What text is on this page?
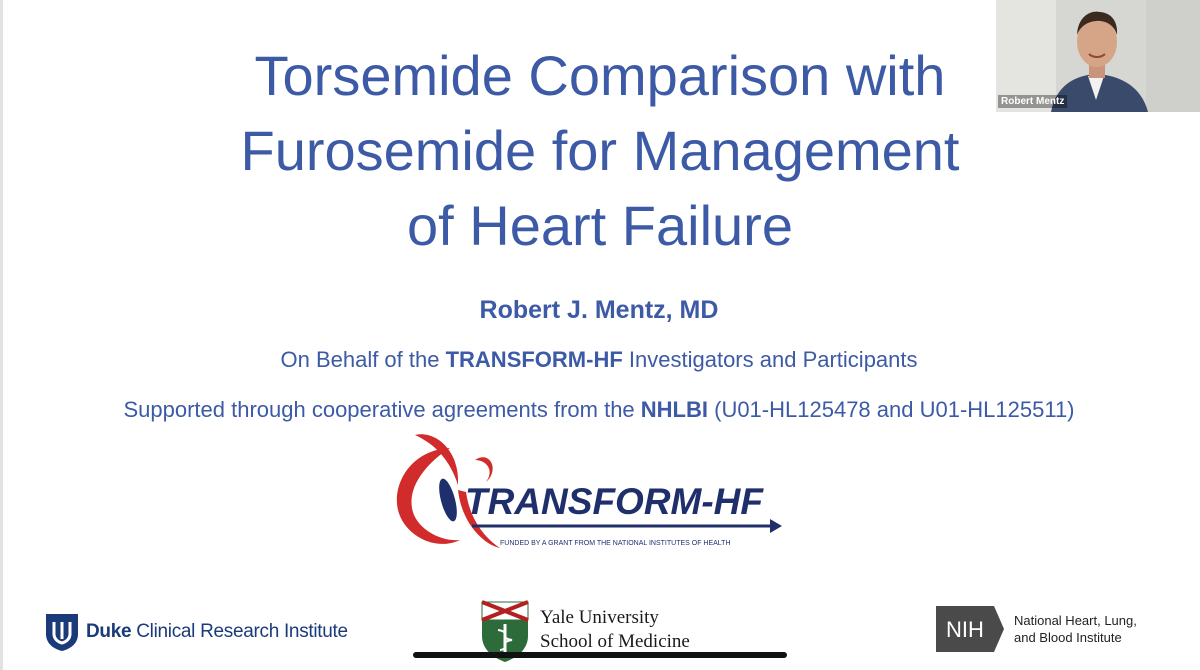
Torsemide Comparison with
Furosemide for Management
of Heart Failure
Robert J. Mentz, MD
On Behalf of the TRANSFORM-HF Investigators and Participants
Supported through cooperative agreements from the NHLBI (U01-HL125478 and U01-HL125511)
TRANSFORM-HF
FUNDED BY A GRANT FROM THE NATIONAL INSTITUTES OF HEALTH
Duke Clinical Research Institute
Yale University
School of Medicine	NIH National Heart, Lung,
and Blood Institute
Robert Mentz
